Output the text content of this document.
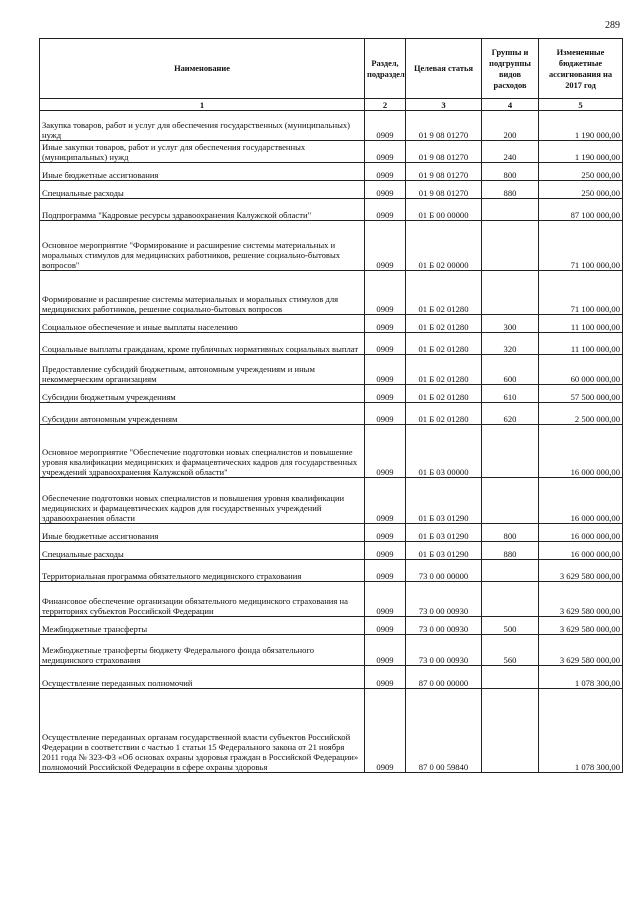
289
Наименование	Раздел, подраздел	Целевая статья	Группы и подгруппы видов расходов	Измененные бюджетные ассигнования на 2017 год
1	2	3	4	5
Закупка товаров, работ и услуг для обеспечения государственных (муниципальных) нужд	0909	01 9 08 01270	200	1 190 000,00
Иные закупки товаров, работ и услуг для обеспечения государственных (муниципальных) нужд	0909	01 9 08 01270	240	1 190 000,00
Иные бюджетные ассигнования	0909	01 9 08 01270	800	250 000,00
Специальные расходы	0909	01 9 08 01270	880	250 000,00
Подпрограмма "Кадровые ресурсы здравоохранения Калужской области"	0909	01 Б 00 00000		87 100 000,00
Основное мероприятие "Формирование и расширение системы материальных и моральных стимулов для медицинских работников, решение социально-бытовых вопросов"	0909	01 Б 02 00000		71 100 000,00
Формирование и расширение системы материальных и моральных стимулов для медицинских работников, решение социально-бытовых вопросов	0909	01 Б 02 01280		71 100 000,00
Социальное обеспечение и иные выплаты населению	0909	01 Б 02 01280	300	11 100 000,00
Социальные выплаты гражданам, кроме публичных нормативных социальных выплат	0909	01 Б 02 01280	320	11 100 000,00
Предоставление субсидий бюджетным, автономным учреждениям и иным некоммерческим организациям	0909	01 Б 02 01280	600	60 000 000,00
Субсидии бюджетным учреждениям	0909	01 Б 02 01280	610	57 500 000,00
Субсидии автономным учреждениям	0909	01 Б 02 01280	620	2 500 000,00
Основное мероприятие "Обеспечение подготовки новых специалистов и повышение уровня квалификации медицинских и фармацевтических кадров для государственных учреждений здравоохранения Калужской области"	0909	01 Б 03 00000		16 000 000,00
Обеспечение подготовки новых специалистов и повышения уровня квалификации медицинских и фармацевтических кадров для государственных учреждений здравоохранения области	0909	01 Б 03 01290		16 000 000,00
Иные бюджетные ассигнования	0909	01 Б 03 01290	800	16 000 000,00
Специальные расходы	0909	01 Б 03 01290	880	16 000 000,00
Территориальная программа обязательного медицинского страхования	0909	73 0 00 00000		3 629 580 000,00
Финансовое обеспечение организации обязательного медицинского страхования на территориях субъектов Российской Федерации	0909	73 0 00 00930		3 629 580 000,00
Межбюджетные трансферты	0909	73 0 00 00930	500	3 629 580 000,00
Межбюджетные трансферты бюджету Федерального фонда обязательного медицинского страхования	0909	73 0 00 00930	560	3 629 580 000,00
Осуществление переданных полномочий	0909	87 0 00 00000		1 078 300,00
Осуществление переданных органам государственной власти субъектов Российской Федерации в соответствии с частью 1 статьи 15 Федерального закона от 21 ноября 2011 года № 323-ФЗ «Об основах охраны здоровья граждан в Российской Федерации» полномочий Российской Федерации в сфере охраны здоровья	0909	87 0 00 59840		1 078 300,00
